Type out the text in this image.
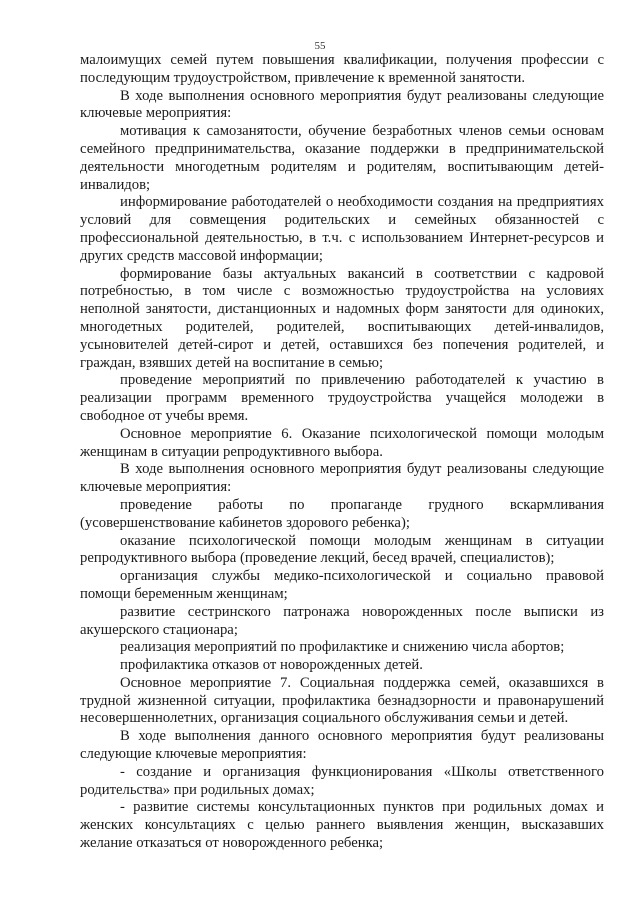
55

малоимущих семей путем повышения квалификации, получения профессии с последующим трудоустройством, привлечение к временной занятости.

В ходе выполнения основного мероприятия будут реализованы следующие ключевые мероприятия:

мотивация к самозанятости, обучение безработных членов семьи основам семейного предпринимательства, оказание поддержки в предпринимательской деятельности многодетным родителям и родителям, воспитывающим детей-инвалидов;

информирование работодателей о необходимости создания на предприятиях условий для совмещения родительских и семейных обязанностей с профессиональной деятельностью, в т.ч. с использованием Интернет-ресурсов и других средств массовой информации;

формирование базы актуальных вакансий в соответствии с кадровой потребностью, в том числе с возможностью трудоустройства на условиях неполной занятости, дистанционных и надомных форм занятости для одиноких, многодетных родителей, родителей, воспитывающих детей-инвалидов, усыновителей детей-сирот и детей, оставшихся без попечения родителей, и граждан, взявших детей на воспитание в семью;

проведение мероприятий по привлечению работодателей к участию в реализации программ временного трудоустройства учащейся молодежи в свободное от учебы время.

Основное мероприятие 6. Оказание психологической помощи молодым женщинам в ситуации репродуктивного выбора.

В ходе выполнения основного мероприятия будут реализованы следующие ключевые мероприятия:

проведение работы по пропаганде грудного вскармливания (усовершенствование кабинетов здорового ребенка);

оказание психологической помощи молодым женщинам в ситуации репродуктивного выбора (проведение лекций, бесед врачей, специалистов);

организация службы медико-психологической и социально правовой помощи беременным женщинам;

развитие сестринского патронажа новорожденных после выписки из акушерского стационара;

реализация мероприятий по профилактике и снижению числа абортов;

профилактика отказов от новорожденных детей.

Основное мероприятие 7. Социальная поддержка семей, оказавшихся в трудной жизненной ситуации, профилактика безнадзорности и правонарушений несовершеннолетних, организация социального обслуживания семьи и детей.

В ходе выполнения данного основного мероприятия будут реализованы следующие ключевые мероприятия:

- создание и организация функционирования «Школы ответственного родительства» при родильных домах;

- развитие системы консультационных пунктов при родильных домах и женских консультациях с целью раннего выявления женщин, высказавших желание отказаться от новорожденного ребенка;
